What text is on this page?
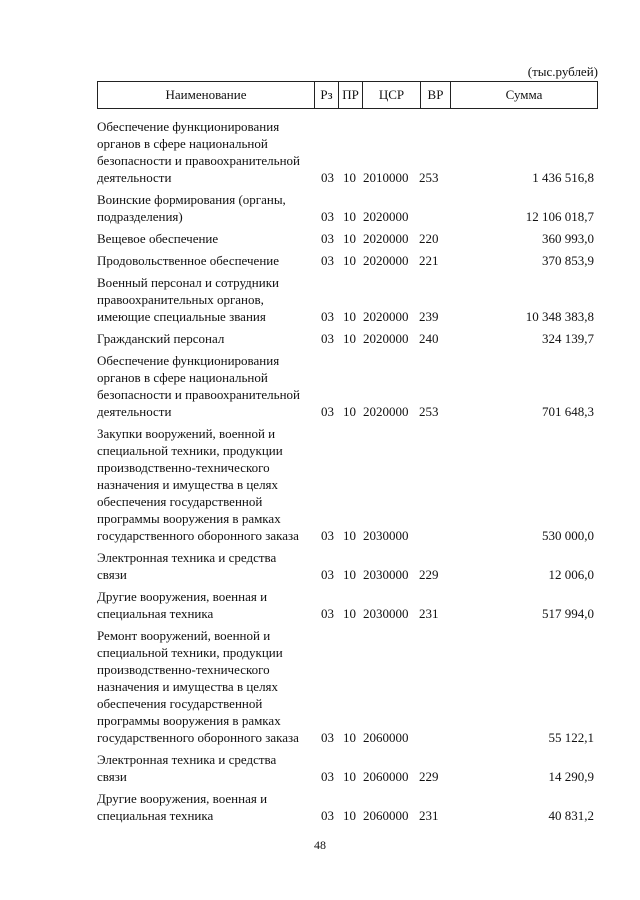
(тыс.рублей)
Наименование	Рз ПР	ЦСР	ВР	Сумма
Обеспечение функционирования
органов в сфере национальной
безопасности и правоохранительной
деятельности	03 10 2010000 253	1 436 516,8
Воинские формирования (органы,
подразделения)	03 10 2020000	12 106 018,7
Вещевое обеспечение	03 10 2020000 220	360 993,0
Продовольственное обеспечение	03 10 2020000 221	370 853,9
Военный персонал и сотрудники
правоохранительных органов,
имеющие специальные звания	03 10 2020000 239	10 348 383,8
Гражданский персонал	03 10 2020000 240	324 139,7
Обеспечение функционирования
органов в сфере национальной
безопасности и правоохранительной
деятельности	03 10 2020000 253	701 648,3
Закупки вооружений, военной и
специальной техники, продукции
производственно-технического
назначения и имущества в целях
обеспечения государственной
программы вооружения в рамках
государственного оборонного заказа	03 10 2030000	530 000,0
Электронная техника и средства
связи	03 10 2030000 229	12 006,0
Другие вооружения, военная и
специальная техника	03 10 2030000 231	517 994,0
Ремонт вооружений, военной и
специальной техники, продукции
производственно-технического
назначения и имущества в целях
обеспечения государственной
программы вооружения в рамках
государственного оборонного заказа	03 10 2060000	55 122,1
Электронная техника и средства
связи	03 10 2060000 229	14 290,9
Другие вооружения, военная и
специальная техника	03 10 2060000 231	40 831,2
48
